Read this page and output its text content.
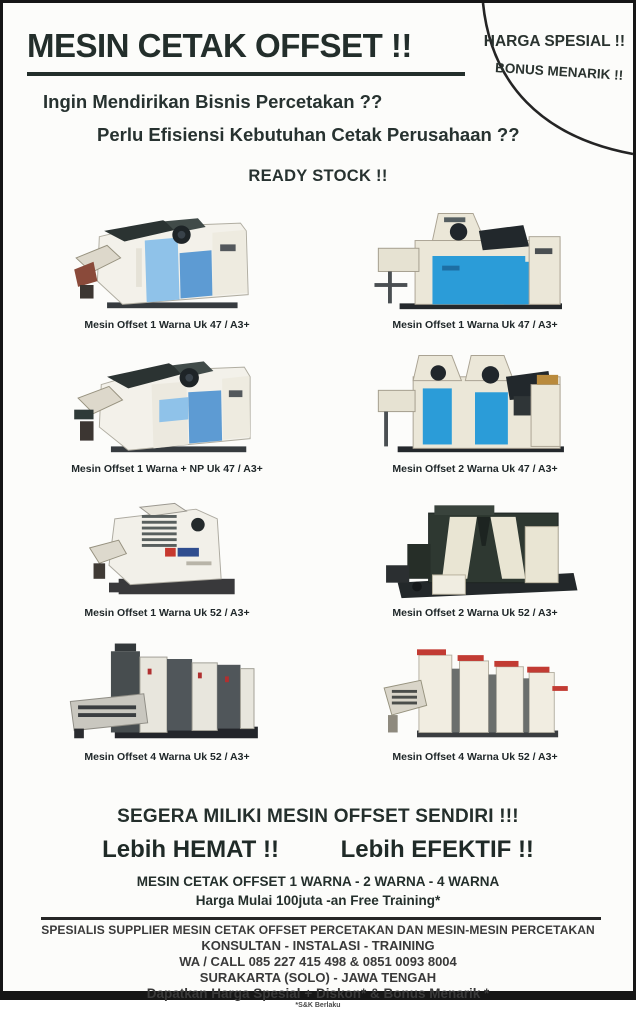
MESIN CETAK OFFSET !!	HARGA SPESIAL !!
BONUS MENARIK !!
Ingin Mendirikan Bisnis Percetakan ??
Perlu Efisiensi Kebutuhan Cetak Perusahaan ??
READY STOCK !!
Mesin Offset 1 Warna Uk 47 / A3+	Mesin Offset 1 Warna Uk 47 / A3+
Mesin Offset 1 Warna + NP Uk 47 / A3+	Mesin Offset 2 Warna Uk 47 / A3+
Mesin Offset 1 Warna Uk 52 / A3+	Mesin Offset 2 Warna Uk 52 / A3+
Mesin Offset 4 Warna Uk 52 / A3+	Mesin Offset 4 Warna Uk 52 / A3+
SEGERA MILIKI MESIN OFFSET SENDIRI !!!
Lebih HEMAT !!	Lebih EFEKTIF !!
MESIN CETAK OFFSET 1 WARNA - 2 WARNA - 4 WARNA
Harga Mulai 100juta -an Free Training*
SPESIALIS SUPPLIER MESIN CETAK OFFSET PERCETAKAN DAN MESIN-MESIN PERCETAKAN
KONSULTAN - INSTALASI - TRAINING
WA / CALL 085 227 415 498 & 0851 0093 8004
SURAKARTA (SOLO) - JAWA TENGAH
Dapatkan Harga Spesial + Diskon* & Bonus Menarik *
*S&K Berlaku
